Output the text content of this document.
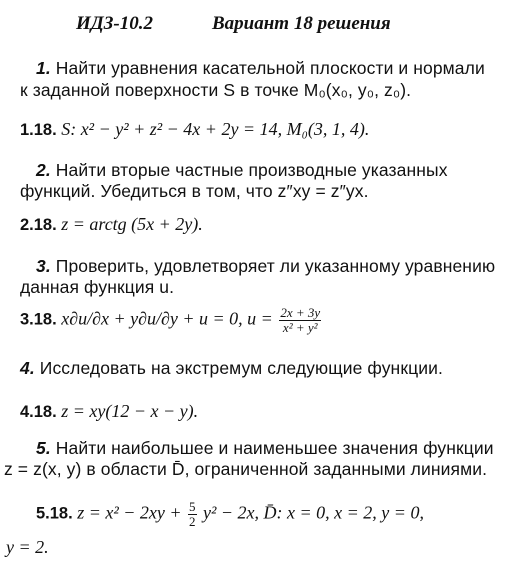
ИДЗ-10.2	Вариант 18 решения
1. Найти уравнения касательной плоскости и нормали
к заданной поверхности S в точке M₀(x₀, y₀, z₀).
1.18. S: x² − y² + z² − 4x + 2y = 14, M₀(3, 1, 4).
2. Найти вторые частные производные указанных
функций. Убедиться в том, что z″xy = z″yx.
2.18. z = arctg (5x + 2y).
3. Проверить, удовлетворяет ли указанному уравнению
данная функция u.
3.18. x∂u/∂x + y∂u/∂y + u = 0, $u = \frac{2x + 3y}{\text{x² + y²}}$
4. Исследовать на экстремум следующие функции.
4.18. z = xy(12 − x − y).
5. Найти наибольшее и наименьшее значения функции
z = z(x, y) в области D̄, ограниченной заданными линиями.
5.18. $z = x^2 - 2xy + \frac{5}{2} y^2 - 2x$, D̄: x = 0, x = 2, y = 0,
y = 2.
